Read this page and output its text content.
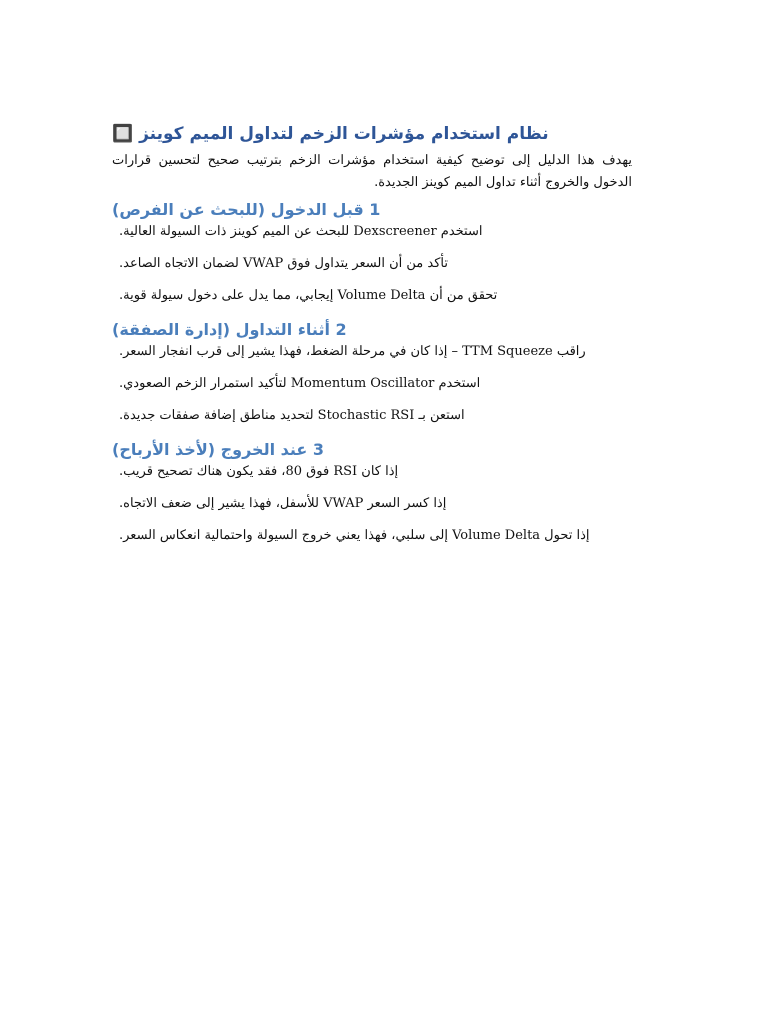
نظام استخدام مؤشرات الزخم لتداول الميم كوينز 🔲
يهدف هذا الدليل إلى توضيح كيفية استخدام مؤشرات الزخم بترتيب صحيح لتحسين قرارات الدخول والخروج أثناء تداول الميم كوينز الجديدة.
1 قبل الدخول (للبحث عن الفرص)
استخدم Dexscreener للبحث عن الميم كوينز ذات السيولة العالية.
تأكد من أن السعر يتداول فوق VWAP لضمان الاتجاه الصاعد.
تحقق من أن Volume Delta إيجابي، مما يدل على دخول سيولة قوية.
2 أثناء التداول (إدارة الصفقة)
راقب TTM Squeeze – إذا كان في مرحلة الضغط، فهذا يشير إلى قرب انفجار السعر.
استخدم Momentum Oscillator لتأكيد استمرار الزخم الصعودي.
استعن بـ Stochastic RSI لتحديد مناطق إضافة صفقات جديدة.
3 عند الخروج (لأخذ الأرباح)
إذا كان RSI فوق 80، فقد يكون هناك تصحيح قريب.
إذا كسر السعر VWAP للأسفل، فهذا يشير إلى ضعف الاتجاه.
إذا تحول Volume Delta إلى سلبي، فهذا يعني خروج السيولة واحتمالية انعكاس السعر.
